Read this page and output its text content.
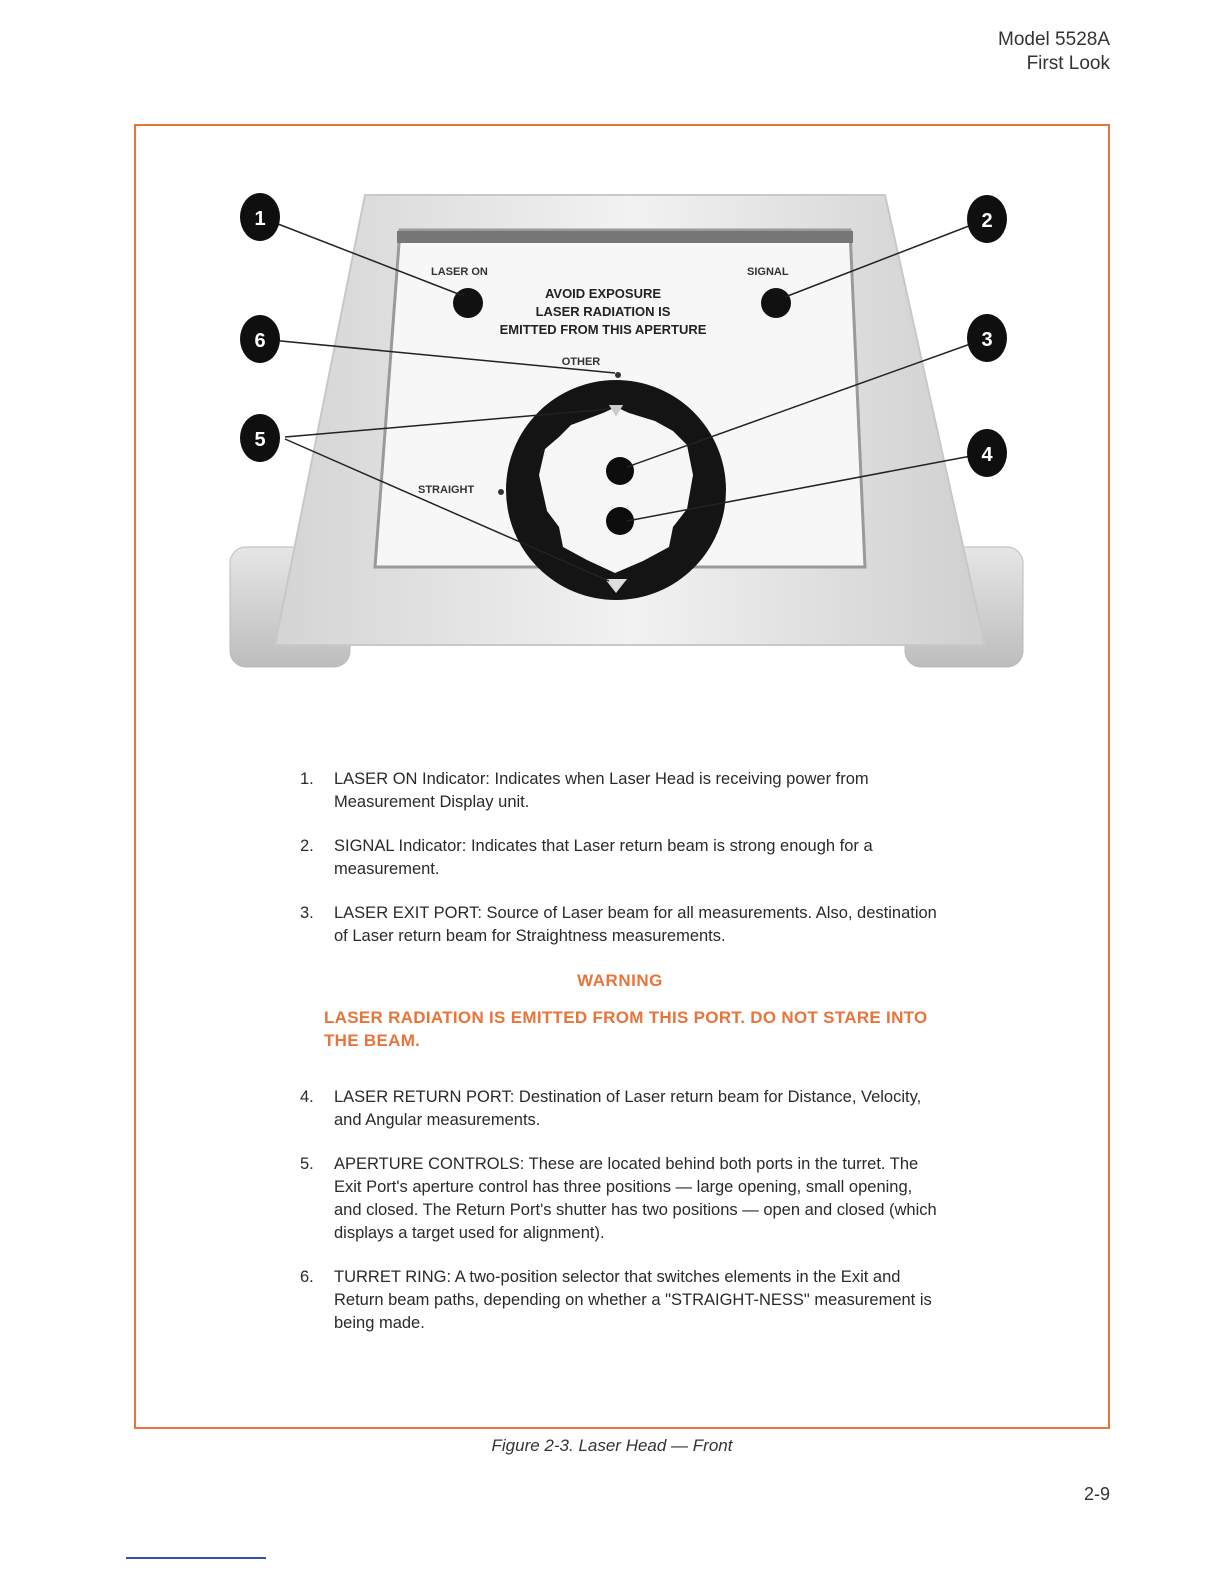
Model 5528A
First Look
LASER ON	SIGNAL
AVOID EXPOSURE
LASER RADIATION IS
EMITTED FROM THIS APERTURE
OTHER
STRAIGHT
1	2
3
4
5
6
1. LASER ON Indicator: Indicates when Laser Head is receiving power from Measurement Display unit.
2. SIGNAL Indicator: Indicates that Laser return beam is strong enough for a measurement.
3. LASER EXIT PORT: Source of Laser beam for all measurements. Also, destination of Laser return beam for Straightness measurements.
WARNING
LASER RADIATION IS EMITTED FROM THIS PORT. DO NOT STARE INTO THE BEAM.
4. LASER RETURN PORT: Destination of Laser return beam for Distance, Velocity, and Angular measurements.
5. APERTURE CONTROLS: These are located behind both ports in the turret. The Exit Port's aperture control has three positions — large opening, small opening, and closed. The Return Port's shutter has two positions — open and closed (which displays a target used for alignment).
6. TURRET RING: A two-position selector that switches elements in the Exit and Return beam paths, depending on whether a "STRAIGHT-NESS" measurement is being made.
Figure 2-3. Laser Head — Front
2-9
